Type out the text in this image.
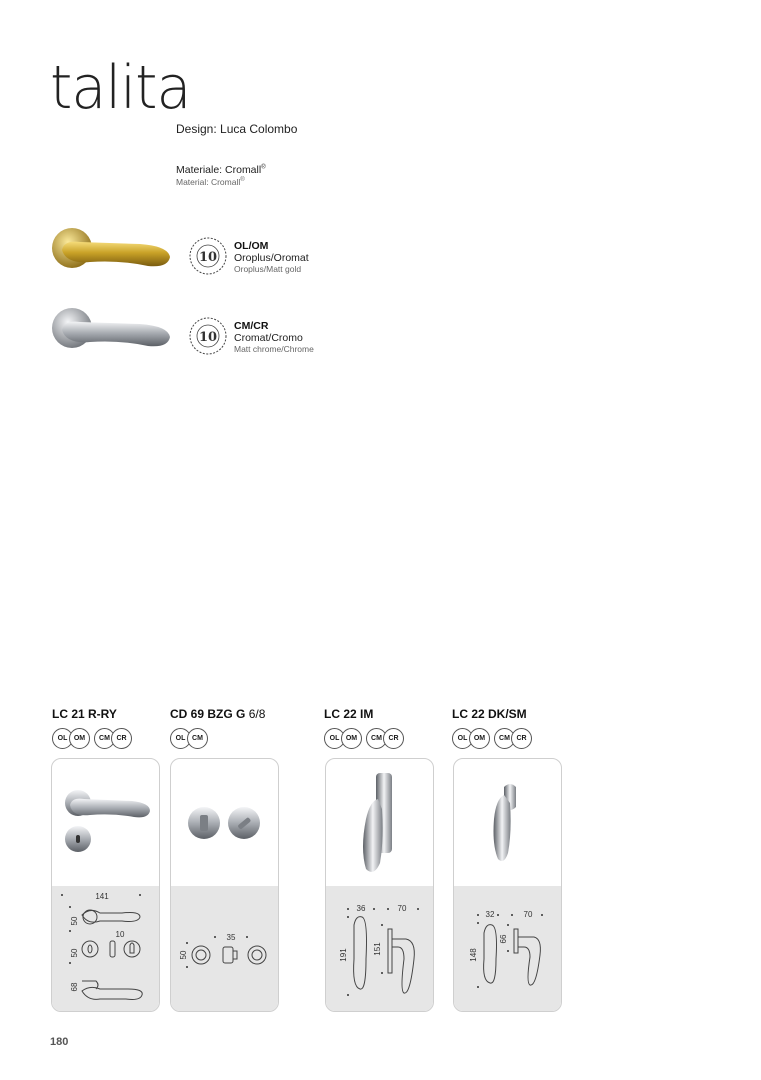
talita
Design: Luca Colombo
Materiale: Cromall®
Material: Cromall®
10
OL/OM
Oroplus/Oromat
Oroplus/Matt gold
10
CM/CR
Cromat/Cromo
Matt chrome/Chrome
LC 21 R-RY
OL OM	CM CR
141
50
50
10
68
CD 69 BZG G 6/8
OL CM
35
50
LC 22 IM
OL OM	CM CR
36	70
191	151
LC 22 DK/SM
OL OM	CM CR
32	70
148
66
180
